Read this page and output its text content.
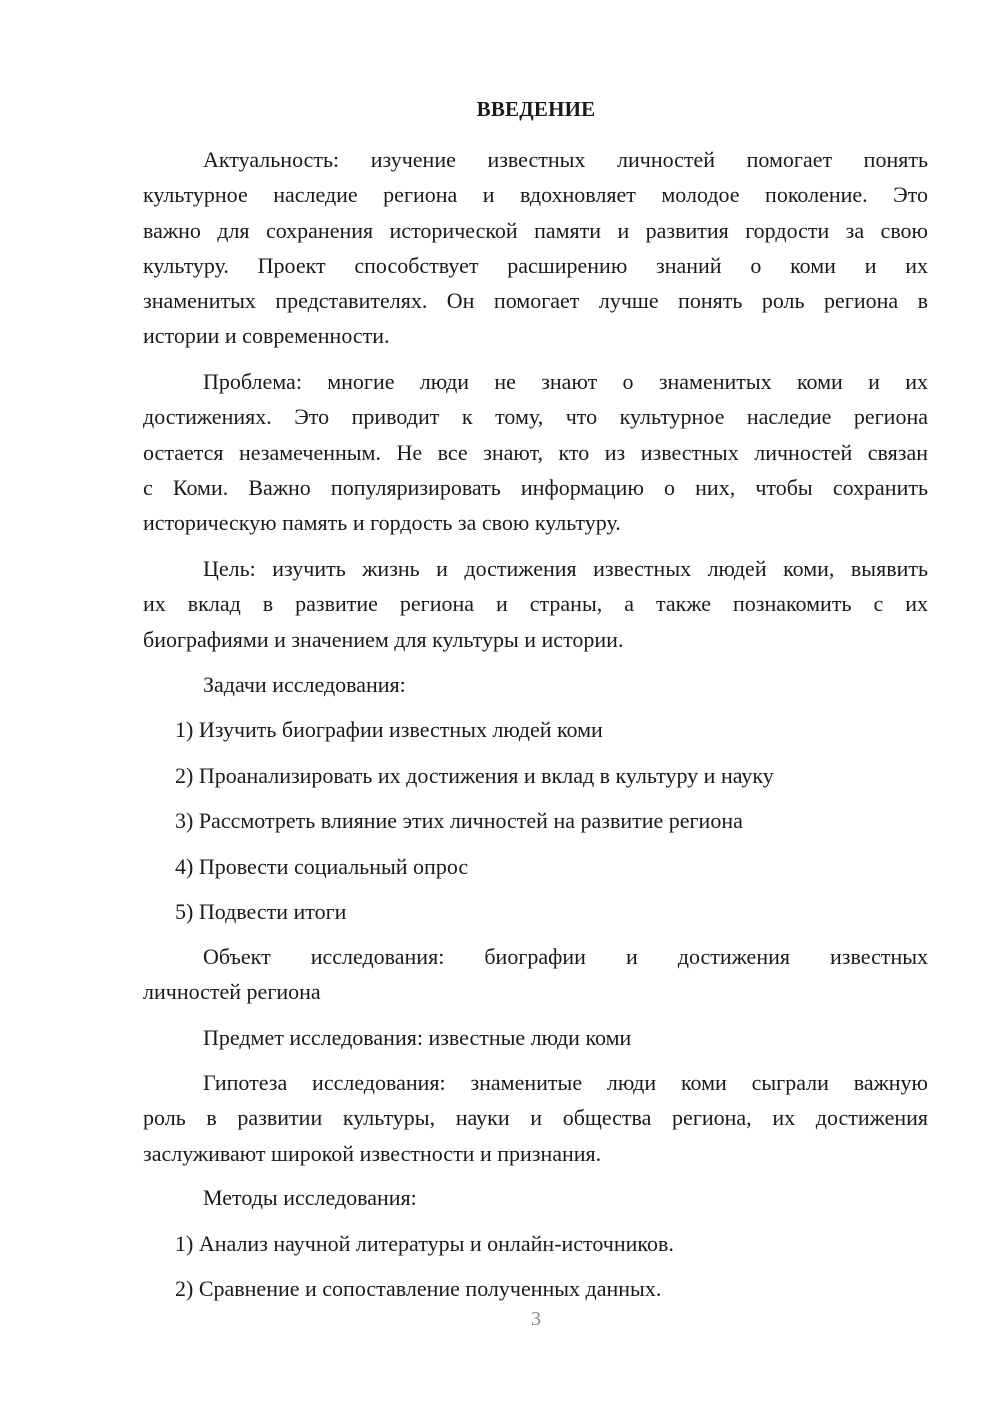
ВВЕДЕНИЕ
Актуальность: изучение известных личностей помогает понять
культурное наследие региона и вдохновляет молодое поколение. Это
важно для сохранения исторической памяти и развития гордости за свою
культуру. Проект способствует расширению знаний о коми и их
знаменитых представителях. Он помогает лучше понять роль региона в
истории и современности.
Проблема: многие люди не знают о знаменитых коми и их
достижениях. Это приводит к тому, что культурное наследие региона
остается незамеченным. Не все знают, кто из известных личностей связан
с Коми. Важно популяризировать информацию о них, чтобы сохранить
историческую память и гордость за свою культуру.
Цель: изучить жизнь и достижения известных людей коми, выявить
их вклад в развитие региона и страны, а также познакомить с их
биографиями и значением для культуры и истории.
Задачи исследования:
1) Изучить биографии известных людей коми
2) Проанализировать их достижения и вклад в культуру и науку
3) Рассмотреть влияние этих личностей на развитие региона
4) Провести социальный опрос
5) Подвести итоги
Объект исследования: биографии и достижения известных
личностей региона
Предмет исследования: известные люди коми
Гипотеза исследования: знаменитые люди коми сыграли важную
роль в развитии культуры, науки и общества региона, их достижения
заслуживают широкой известности и признания.
Методы исследования:
1) Анализ научной литературы и онлайн-источников.
2) Сравнение и сопоставление полученных данных.
3
